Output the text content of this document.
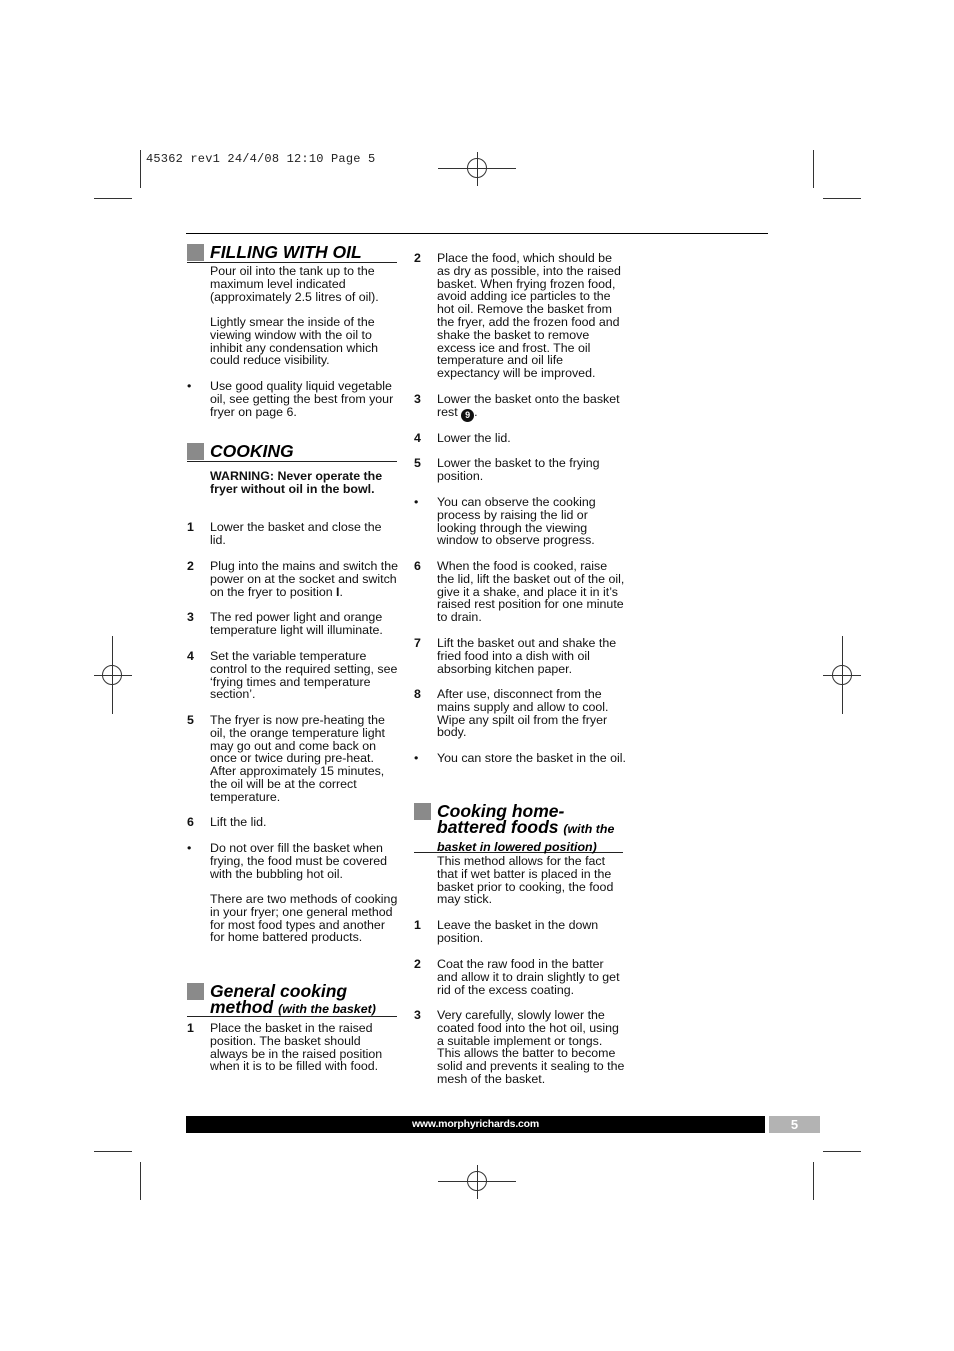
45362 rev1 24/4/08 12:10 Page 5
FILLING WITH OIL
Pour oil into the tank up to the maximum level indicated (approximately 2.5 litres of oil).
Lightly smear the inside of the viewing window with the oil to inhibit any condensation which could reduce visibility.
•	Use good quality liquid vegetable oil, see getting the best from your fryer on page 6.
COOKING
WARNING: Never operate the fryer without oil in the bowl.
1	Lower the basket and close the lid.
2	Plug into the mains and switch the power on at the socket and switch on the fryer to position I.
3	The red power light and orange temperature light will illuminate.
4	Set the variable temperature control to the required setting, see ‘frying times and temperature section’.
5	The fryer is now pre-heating the oil, the orange temperature light may go out and come back on once or twice during pre-heat. After approximately 15 minutes, the oil will be at the correct temperature.
6	Lift the lid.
•	Do not over fill the basket when frying, the food must be covered with the bubbling hot oil.
There are two methods of cooking in your fryer; one general method for most food types and another for home battered products.
General cooking
method (with the basket)
1	Place the basket in the raised position. The basket should always be in the raised position when it is to be filled with food.
2	Place the food, which should be as dry as possible, into the raised basket. When frying frozen food, avoid adding ice particles to the hot oil. Remove the basket from the fryer, add the frozen food and shake the basket to remove excess ice and frost. The oil temperature and oil life expectancy will be improved.
3	Lower the basket onto the basket rest 9 .
4	Lower the lid.
5	Lower the basket to the frying position.
•	You can observe the cooking process by raising the lid or looking through the viewing window to observe progress.
6	When the food is cooked, raise the lid, lift the basket out of the oil, give it a shake, and place it in it’s raised rest position for one minute to drain.
7	Lift the basket out and shake the fried food into a dish with oil absorbing kitchen paper.
8	After use, disconnect from the mains supply and allow to cool. Wipe any spilt oil from the fryer body.
•	You can store the basket in the oil.
Cooking home-
battered foods (with the
basket in lowered position)
This method allows for the fact that if wet batter is placed in the basket prior to cooking, the food may stick.
1	Leave the basket in the down position.
2	Coat the raw food in the batter and allow it to drain slightly to get rid of the excess coating.
3	Very carefully, slowly lower the coated food into the hot oil, using a suitable implement or tongs. This allows the batter to become solid and prevents it sealing to the mesh of the basket.
www.morphyrichards.com	5
